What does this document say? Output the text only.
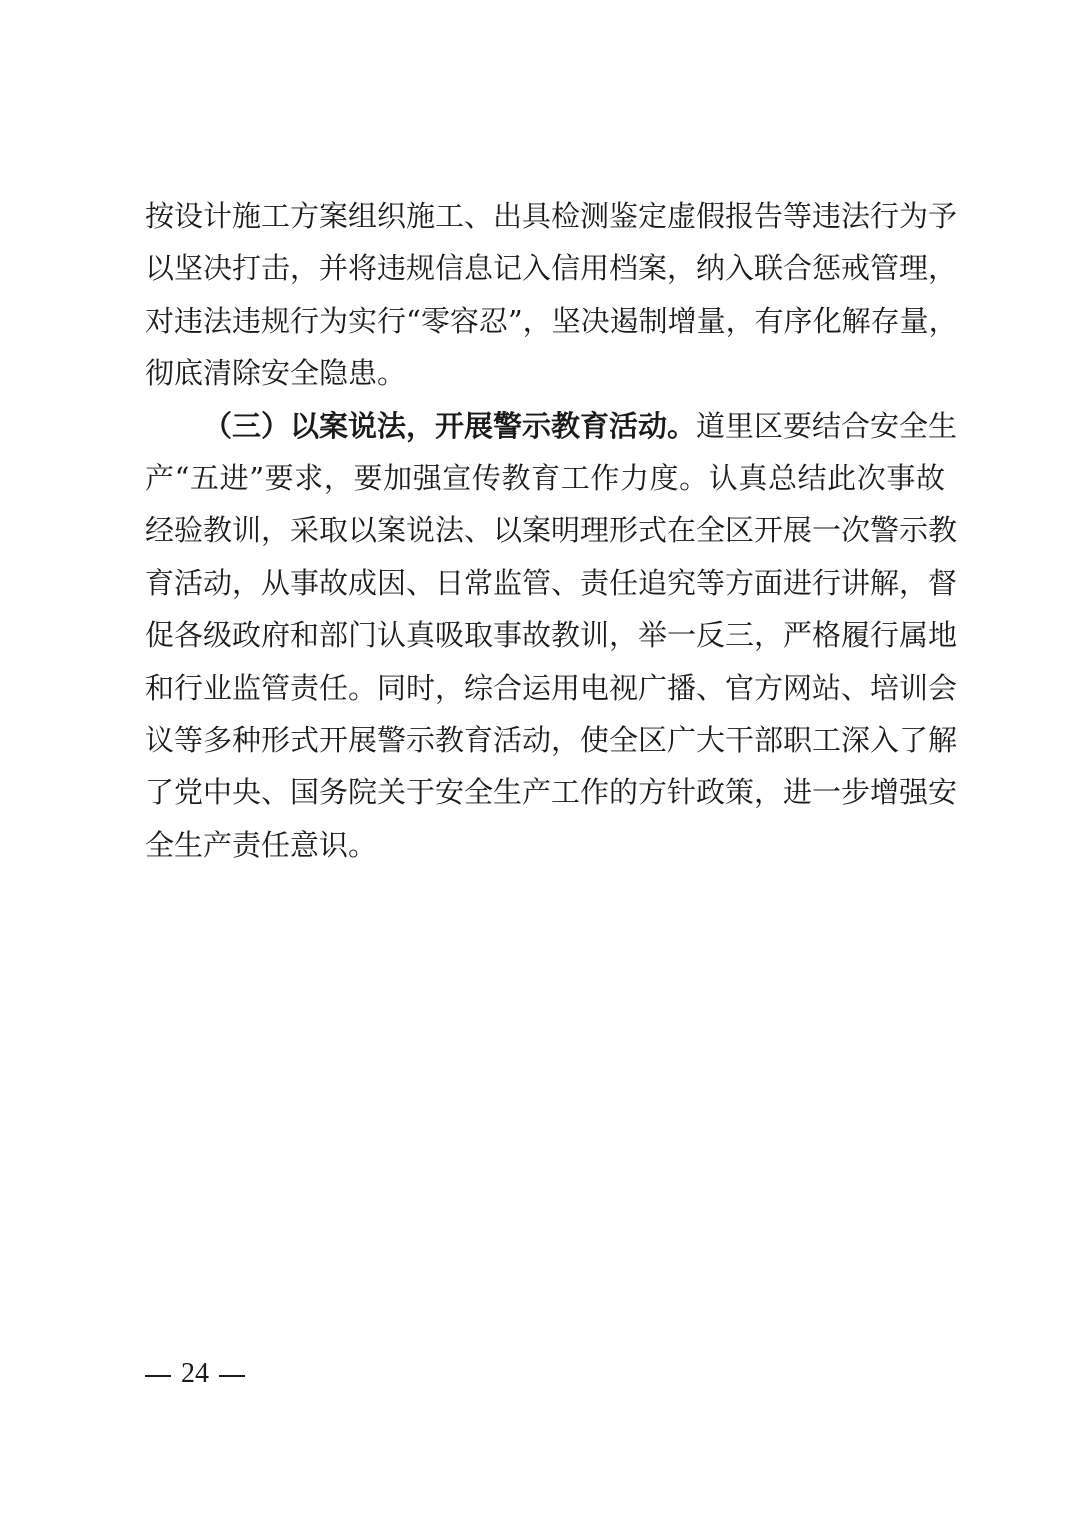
按设计施工方案组织施工、出具检测鉴定虚假报告等违法行为予
以坚决打击，并将违规信息记入信用档案，纳入联合惩戒管理，
对违法违规行为实行“零容忍”，坚决遏制增量，有序化解存量，
彻底清除安全隐患。
（三）以案说法，开展警示教育活动。道里区要结合安全生
产“五进”要求，要加强宣传教育工作力度。认真总结此次事故
经验教训，采取以案说法、以案明理形式在全区开展一次警示教
育活动，从事故成因、日常监管、责任追究等方面进行讲解，督
促各级政府和部门认真吸取事故教训，举一反三，严格履行属地
和行业监管责任。同时，综合运用电视广播、官方网站、培训会
议等多种形式开展警示教育活动，使全区广大干部职工深入了解
了党中央、国务院关于安全生产工作的方针政策，进一步增强安
全生产责任意识。
24
